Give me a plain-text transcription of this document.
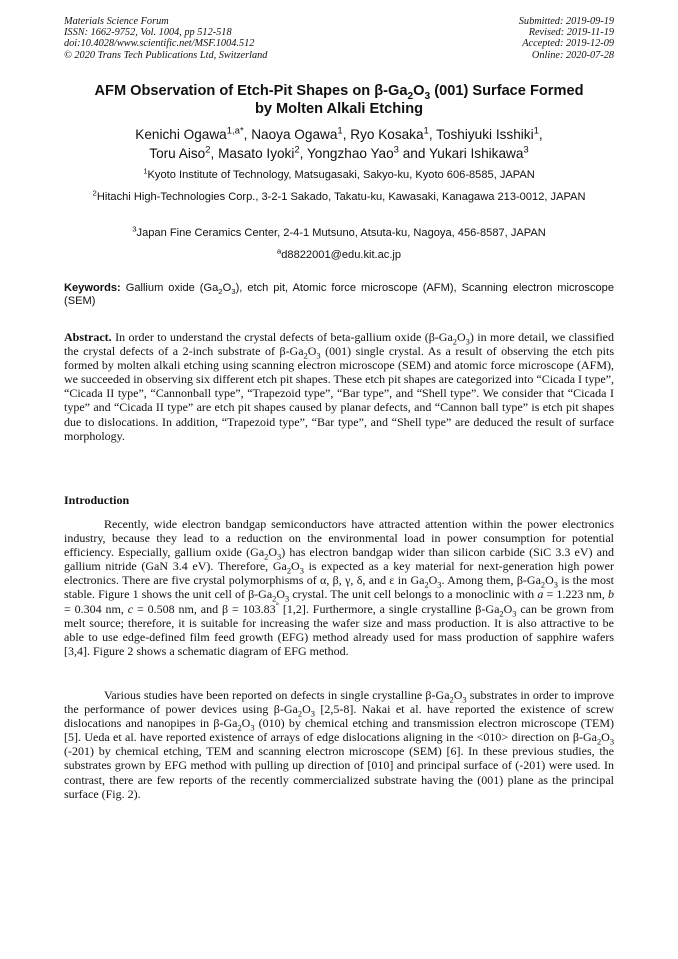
Materials Science Forum
ISSN: 1662-9752, Vol. 1004, pp 512-518
doi:10.4028/www.scientific.net/MSF.1004.512
© 2020 Trans Tech Publications Ltd, Switzerland
Submitted: 2019-09-19
Revised: 2019-11-19
Accepted: 2019-12-09
Online: 2020-07-28
AFM Observation of Etch-Pit Shapes on $\beta-Ga_2O_3$ (001) Surface Formed
by Molten Alkali Etching
Kenichi Ogawa$^{1,a*}$, Naoya Ogawa$^1$, Ryo Kosaka$^1$, Toshiyuki Isshiki$^1$,
Toru Aiso$^2$, Masato Iyoki$^2$, Yongzhao Yao$^3$ and Yukari Ishikawa$^3$
$^1$Kyoto Institute of Technology, Matsugasaki, Sakyo-ku, Kyoto 606-8585, JAPAN
$^2$Hitachi High-Technologies Corp., 3-2-1 Sakado, Takatu-ku, Kawasaki, Kanagawa 213-0012, JAPAN
$^3$Japan Fine Ceramics Center, 2-4-1 Mutsuno, Atsuta-ku, Nagoya, 456-8587, JAPAN
$^a$d8822001@edu.kit.ac.jp
Keywords: Gallium oxide $(Ga_2O_3)$, etch pit, Atomic force microscope (AFM), Scanning electron microscope (SEM)
Abstract. In order to understand the crystal defects of beta-gallium oxide $(\beta-Ga_2O_3)$ in more detail, we classified the crystal defects of a 2-inch substrate of $\beta-Ga_2O_3$ (001) single crystal. As a result of observing the etch pits formed by molten alkali etching using scanning electron microscope (SEM) and atomic force microscope (AFM), we succeeded in observing six different etch pit shapes. These etch pit shapes are categorized into “Cicada I type”, “Cicada II type”, “Cannonball type”, “Trapezoid type”, “Bar type”, and “Shell type”. We consider that “Cicada I type” and “Cicada II type” are etch pit shapes caused by planar defects, and “Cannon ball type” is etch pit shapes due to dislocations. In addition, “Trapezoid type”, “Bar type”, and “Shell type” are deduced the result of surface morphology.
Introduction
Recently, wide electron bandgap semiconductors have attracted attention within the power electronics industry, because they lead to a reduction on the environmental load in power consumption for potential efficiency. Especially, gallium oxide $(Ga_2O_3)$ has electron bandgap wider than silicon carbide (SiC 3.3 eV) and gallium nitride (GaN 3.4 eV). Therefore, $Ga_2O_3$ is expected as a key material for next-generation high power electronics. There are five crystal polymorphisms of α, β, γ, δ, and ε in $Ga_2O_3$. Among them, $\beta-Ga_2O_3$ is the most stable. Figure 1 shows the unit cell of $\beta-Ga_2O_3$ crystal. The unit cell belongs to a monoclinic with a = 1.223 nm, b = 0.304 nm, c = 0.508 nm, and β = 103.83° [1,2]. Furthermore, a single crystalline $\beta-Ga_2O_3$ can be grown from melt source; therefore, it is suitable for increasing the wafer size and mass production. It is also attractive to be able to use edge-defined film feed growth (EFG) method already used for mass production of sapphire wafers [3,4]. Figure 2 shows a schematic diagram of EFG method.
Various studies have been reported on defects in single crystalline $\beta-Ga_2O_3$ substrates in order to improve the performance of power devices using $\beta-Ga_2O_3$ [2,5-8]. Nakai et al. have reported the existence of screw dislocations and nanopipes in $\beta-Ga_2O_3$ (010) by chemical etching and transmission electron microscope (TEM) [5]. Ueda et al. have reported existence of arrays of edge dislocations aligning in the <010> direction on $\beta-Ga_2O_3$ (-201) by chemical etching, TEM and scanning electron microscope (SEM) [6]. In these previous studies, the substrates grown by EFG method with pulling up direction of [010] and principal surface of (-201) were used. In contrast, there are few reports of the recently commercialized substrate having the (001) plane as the principal surface (Fig. 2).
